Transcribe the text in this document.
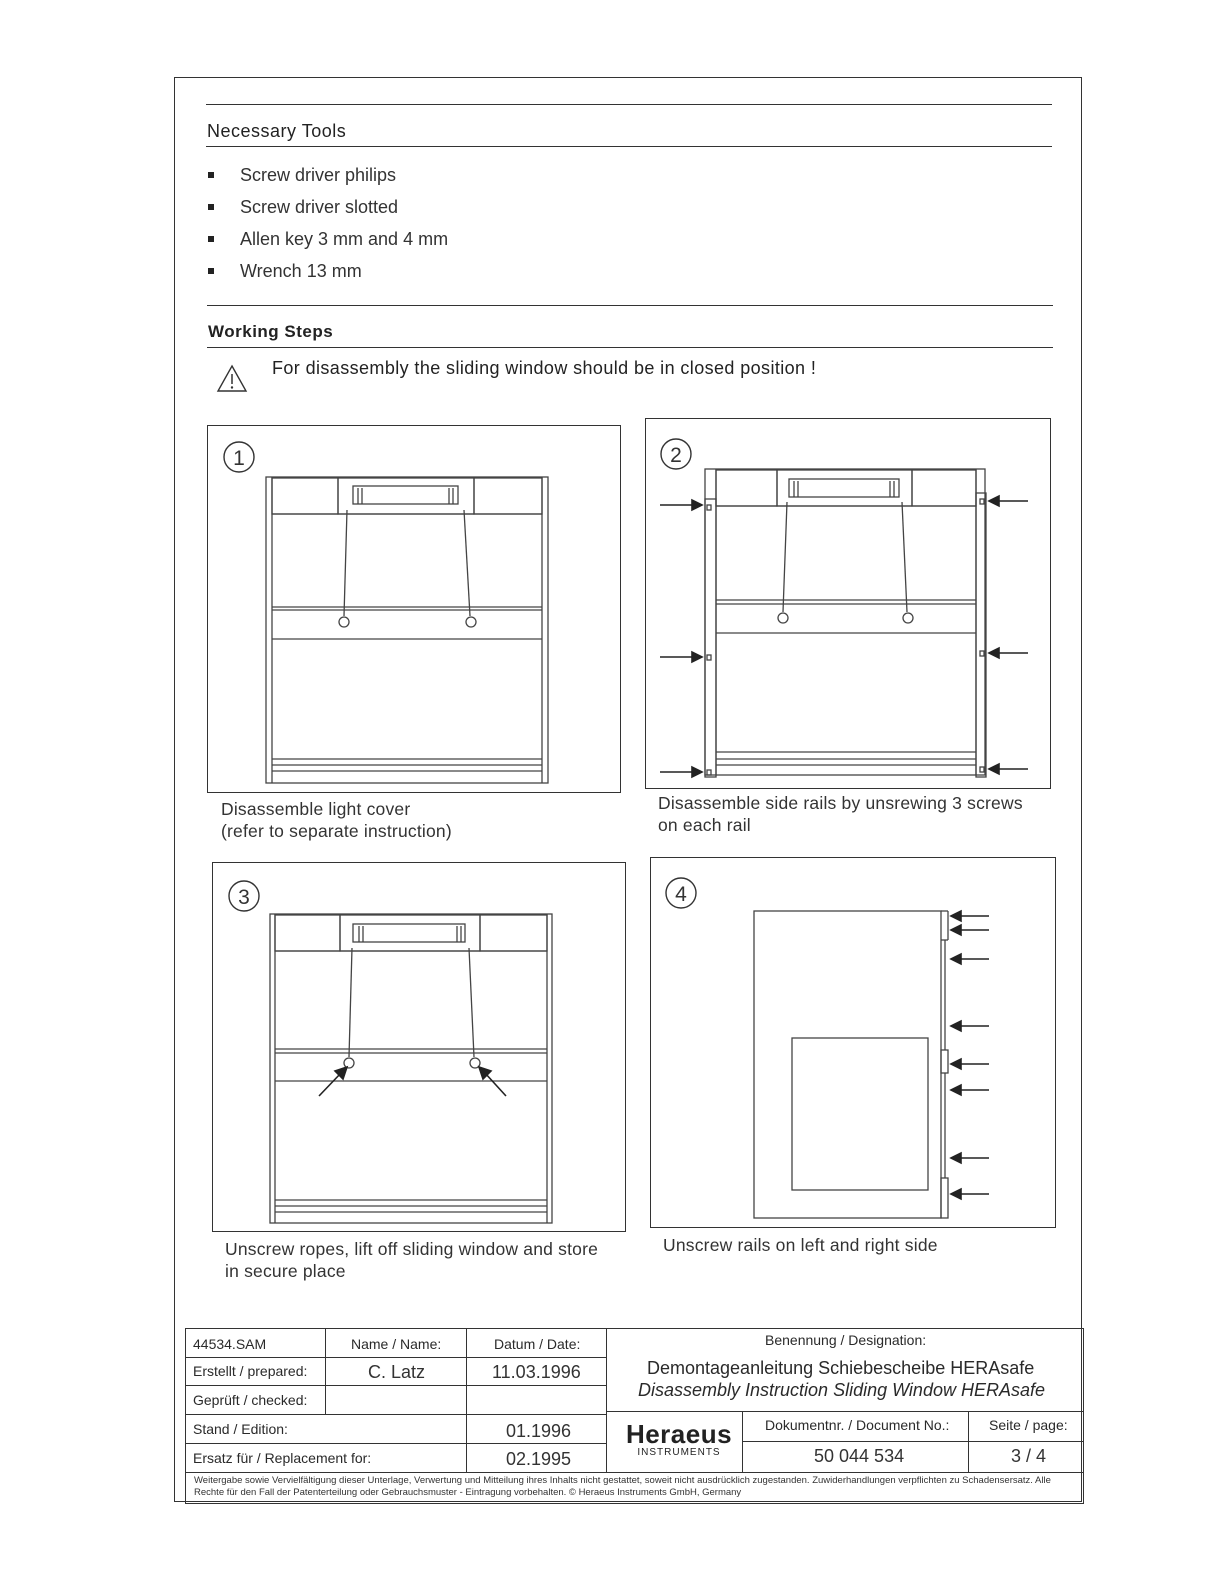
Necessary Tools
Screw driver philips
Screw driver slotted
Allen key 3 mm and 4 mm
Wrench 13 mm
Working Steps
For disassembly the sliding window should be in closed position !
1
Disassemble light cover
(refer to separate instruction)
2
Disassemble side rails by unsrewing 3 screws
on each rail
3
Unscrew ropes, lift off sliding window and store
in secure place
4
Unscrew rails on left and right side
44534.SAM	Name / Name:	Datum / Date:	Benennung / Designation:
Erstellt / prepared:	C. Latz	11.03.1996
Geprüft / checked:
Demontageanleitung Schiebescheibe HERAsafe
Disassembly Instruction Sliding Window HERAsafe
Stand / Edition:	01.1996
Ersatz für / Replacement for:	02.1995
Heraeus
INSTRUMENTS
Dokumentnr. / Document No.:
50 044 534
Seite / page:
3 / 4
Weitergabe sowie Vervielfältigung dieser Unterlage, Verwertung und Mitteilung ihres Inhalts nicht gestattet, soweit nicht ausdrücklich zugestanden. Zuwiderhandlungen verpflichten zu Schadensersatz. Alle Rechte für den Fall der Patenterteilung oder Gebrauchsmuster - Eintragung vorbehalten. © Heraeus Instruments GmbH, Germany
